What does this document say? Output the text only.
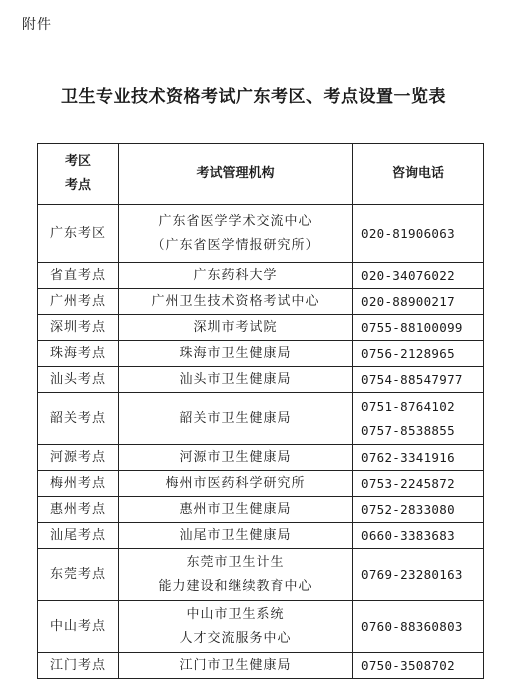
附件
卫生专业技术资格考试广东考区、考点设置一览表
考区
考点	考试管理机构	咨询电话
广东考区	广东省医学学术交流中心
（广东省医学情报研究所）	020-81906063

省直考点	广东药科大学	020-34076022

广州考点	广州卫生技术资格考试中心	020-88900217

深圳考点	深圳市考试院	0755-88100099

珠海考点	珠海市卫生健康局	0756-2128965

汕头考点	汕头市卫生健康局	0754-88547977

韶关考点	韶关市卫生健康局	0751-8764102
0757-8538855

河源考点	河源市卫生健康局	0762-3341916

梅州考点	梅州市医药科学研究所	0753-2245872

惠州考点	惠州市卫生健康局	0752-2833080

汕尾考点	汕尾市卫生健康局	0660-3383683

东莞考点	东莞市卫生计生
能力建设和继续教育中心	0769-23280163

中山考点	中山市卫生系统
人才交流服务中心	0760-88360803

江门考点	江门市卫生健康局	0750-3508702
